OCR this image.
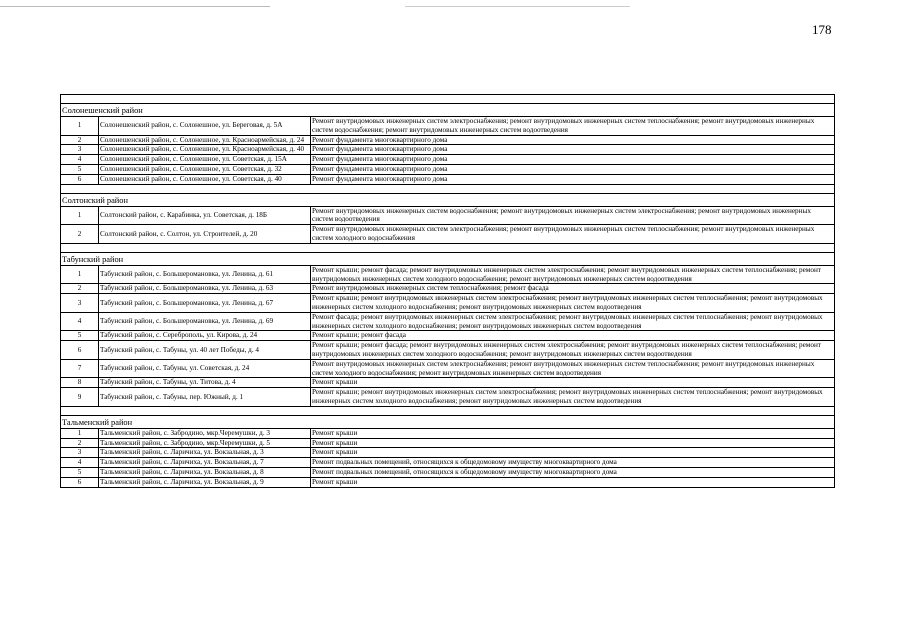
178

Солонешенский район		
1	Солонешенский район, с. Солонешное, ул. Береговая, д. 5А	Ремонт внутридомовых инженерных систем электроснабжения; ремонт внутридомовых инженерных систем теплоснабжения; ремонт внутридомовых инженерных систем водоснабжения; ремонт внутридомовых инженерных систем водоотведения
2	Солонешенский район, с. Солонешное, ул. Красноармейская, д. 24	Ремонт фундамента многоквартирного дома
3	Солонешенский район, с. Солонешное, ул. Красноармейская, д. 40	Ремонт фундамента многоквартирного дома
4	Солонешенский район, с. Солонешное, ул. Советская, д. 15А	Ремонт фундамента многоквартирного дома
5	Солонешенский район, с. Солонешное, ул. Советская, д. 32	Ремонт фундамента многоквартирного дома
6	Солонешенский район, с. Солонешное, ул. Советская, д. 40	Ремонт фундамента многоквартирного дома

Солтонский район		
1	Солтонский район, с. Карабинка, ул. Советская, д. 18Б	Ремонт внутридомовых инженерных систем водоснабжения; ремонт внутридомовых инженерных систем электроснабжения; ремонт внутридомовых инженерных систем водоотведения
2	Солтонский район, с. Солтон, ул. Строителей, д. 20	Ремонт внутридомовых инженерных систем электроснабжения; ремонт внутридомовых инженерных систем теплоснабжения; ремонт внутридомовых инженерных систем холодного водоснабжения

Табунский район		
1	Табунский район, с. Большеромановка, ул. Ленина, д. 61	Ремонт крыши; ремонт фасада; ремонт внутридомовых инженерных систем электроснабжения; ремонт внутридомовых инженерных систем теплоснабжения; ремонт внутридомовых инженерных систем холодного водоснабжения; ремонт внутридомовых инженерных систем водоотведения
2	Табунский район, с. Большеромановка, ул. Ленина, д. 63	Ремонт внутридомовых инженерных систем теплоснабжения; ремонт фасада
3	Табунский район, с. Большеромановка, ул. Ленина, д. 67	Ремонт крыши; ремонт внутридомовых инженерных систем электроснабжения; ремонт внутридомовых инженерных систем теплоснабжения; ремонт внутридомовых инженерных систем холодного водоснабжения; ремонт внутридомовых инженерных систем водоотведения
4	Табунский район, с. Большеромановка, ул. Ленина, д. 69	Ремонт фасада; ремонт внутридомовых инженерных систем электроснабжения; ремонт внутридомовых инженерных систем теплоснабжения; ремонт внутридомовых инженерных систем холодного водоснабжения; ремонт внутридомовых инженерных систем водоотведения
5	Табунский район, с. Сереброполь, ул. Кирова, д. 24	Ремонт крыши; ремонт фасада
6	Табунский район, с. Табуны, ул. 40 лет Победы, д. 4	Ремонт крыши; ремонт фасада; ремонт внутридомовых инженерных систем электроснабжения; ремонт внутридомовых инженерных систем теплоснабжения; ремонт внутридомовых инженерных систем холодного водоснабжения; ремонт внутридомовых инженерных систем водоотведения
7	Табунский район, с. Табуны, ул. Советская, д. 24	Ремонт внутридомовых инженерных систем электроснабжения; ремонт внутридомовых инженерных систем теплоснабжения; ремонт внутридомовых инженерных систем холодного водоснабжения; ремонт внутридомовых инженерных систем водоотведения
8	Табунский район, с. Табуны, ул. Титова, д. 4	Ремонт крыши
9	Табунский район, с. Табуны, пер. Южный, д. 1	Ремонт крыши; ремонт внутридомовых инженерных систем электроснабжения; ремонт внутридомовых инженерных систем теплоснабжения; ремонт внутридомовых инженерных систем холодного водоснабжения; ремонт внутридомовых инженерных систем водоотведения

Тальменский район		
1	Тальменский район, с. Забродино, мкр.Черемушки, д. 3	Ремонт крыши
2	Тальменский район, с. Забродино, мкр.Черемушки, д. 5	Ремонт крыши
3	Тальменский район, с. Ларичиха, ул. Вокзальная, д. 3	Ремонт крыши
4	Тальменский район, с. Ларичиха, ул. Вокзальная, д. 7	Ремонт подвальных помещений, относящихся к общедомовому имуществу многоквартирного дома
5	Тальменский район, с. Ларичиха, ул. Вокзальная, д. 8	Ремонт подвальных помещений, относящихся к общедомовому имуществу многоквартирного дома
6	Тальменский район, с. Ларичиха, ул. Вокзальная, д. 9	Ремонт крыши
